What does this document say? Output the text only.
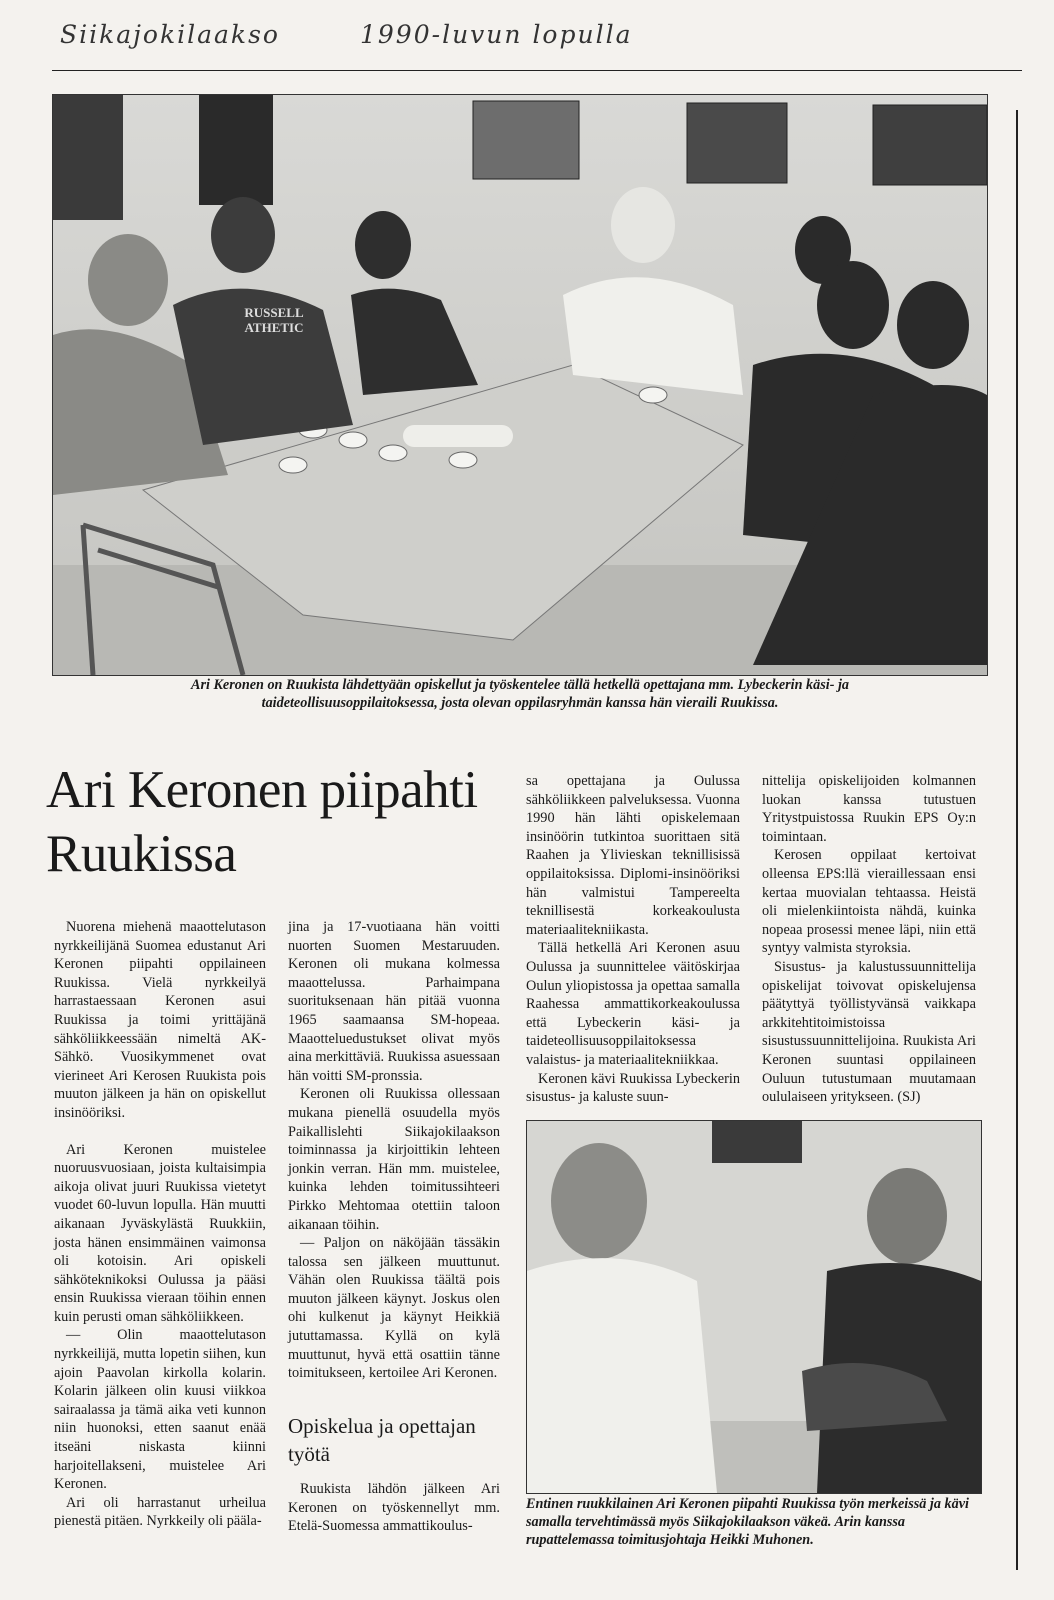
Siikajokilaakso	1990-luvun lopulla
RUSSELL ATHETIC
Ari Keronen on Ruukista lähdettyään opiskellut ja työskentelee tällä hetkellä opettajana mm. Lybeckerin käsi- ja taideteollisuusoppilaitoksessa, josta olevan oppilasryhmän kanssa hän vieraili Ruukissa.
Ari Keronen piipahti Ruukissa

Nuorena miehenä maaottelutason nyrkkeilijänä Suomea edustanut Ari Keronen piipahti oppilaineen Ruukissa. Vielä nyrkkeilyä harrastaessaan Keronen asui Ruukissa ja toimi yrittäjänä sähköliikkeessään nimeltä AK-Sähkö. Vuosikymmenet ovat vierineet Ari Kerosen Ruukista pois muuton jälkeen ja hän on opiskellut insinööriksi.

Ari Keronen muistelee nuoruusvuosiaan, joista kultaisimpia aikoja olivat juuri Ruukissa vietetyt vuodet 60-luvun lopulla. Hän muutti aikanaan Jyväskylästä Ruukkiin, josta hänen ensimmäinen vaimonsa oli kotoisin. Ari opiskeli sähköteknikoksi Oulussa ja pääsi ensin Ruukissa vieraan töihin ennen kuin perusti oman sähköliikkeen.

— Olin maaottelutason nyrkkeilijä, mutta lopetin siihen, kun ajoin Paavolan kirkolla kolarin. Kolarin jälkeen olin kuusi viikkoa sairaalassa ja tämä aika veti kunnon niin huonoksi, etten saanut enää itseäni niskasta kiinni harjoitellakseni, muistelee Ari Keronen.

Ari oli harrastanut urheilua pienestä pitäen. Nyrkkeily oli pääla-

jina ja 17-vuotiaana hän voitti nuorten Suomen Mestaruuden. Keronen oli mukana kolmessa maaottelussa. Parhaimpana suorituksenaan hän pitää vuonna 1965 saamaansa SM-hopeaa. Maaotteluedustukset olivat myös aina merkittäviä. Ruukissa asuessaan hän voitti SM-pronssia.

Keronen oli Ruukissa ollessaan mukana pienellä osuudella myös Paikallislehti Siikajokilaakson toiminnassa ja kirjoittikin lehteen jonkin verran. Hän mm. muistelee, kuinka lehden toimitussihteeri Pirkko Mehtomaa otettiin taloon aikanaan töihin.

— Paljon on näköjään tässäkin talossa sen jälkeen muuttunut. Vähän olen Ruukissa täältä pois muuton jälkeen käynyt. Joskus olen ohi kulkenut ja käynyt Heikkiä jututtamassa. Kyllä on kylä muuttunut, hyvä että osattiin tänne toimitukseen, kertoilee Ari Keronen.

Opiskelua ja opettajan työtä

Ruukista lähdön jälkeen Ari Keronen on työskennellyt mm. Etelä-Suomessa ammattikoulus-

sa opettajana ja Oulussa sähköliikkeen palveluksessa. Vuonna 1990 hän lähti opiskelemaan insinöörin tutkintoa suorittaen sitä Raahen ja Ylivieskan teknillisissä oppilaitoksissa. Diplomi-insinööriksi hän valmistui Tampereelta teknillisestä korkeakoulusta materiaalitekniikasta.

Tällä hetkellä Ari Keronen asuu Oulussa ja suunnittelee väitöskirjaa Oulun yliopistossa ja opettaa samalla Raahessa ammattikorkeakoulussa että Lybeckerin käsi- ja taideteollisuusoppilaitoksessa valaistus- ja materiaalitekniikkaa.

Keronen kävi Ruukissa Lybeckerin sisustus- ja kaluste suun-

nittelija opiskelijoiden kolmannen luokan kanssa tutustuen Yritystpuistossa Ruukin EPS Oy:n toimintaan.

Kerosen oppilaat kertoivat olleensa EPS:llä vieraillessaan ensi kertaa muovialan tehtaassa. Heistä oli mielenkiintoista nähdä, kuinka nopeaa prosessi menee läpi, niin että syntyy valmista styroksia.

Sisustus- ja kalustussuunnittelija opiskelijat toivovat opiskelujensa päätyttyä työllistyvänsä vaikkapa arkkitehtitoimistoissa sisustussuunnittelijoina. Ruukista Ari Keronen suuntasi oppilaineen Ouluun tutustumaan muutamaan oululaiseen yritykseen. (SJ)

Entinen ruukkilainen Ari Keronen piipahti Ruukissa työn merkeissä ja kävi samalla tervehtimässä myös Siikajokilaakson väkeä. Arin kanssa rupattelemassa toimitusjohtaja Heikki Muhonen.
